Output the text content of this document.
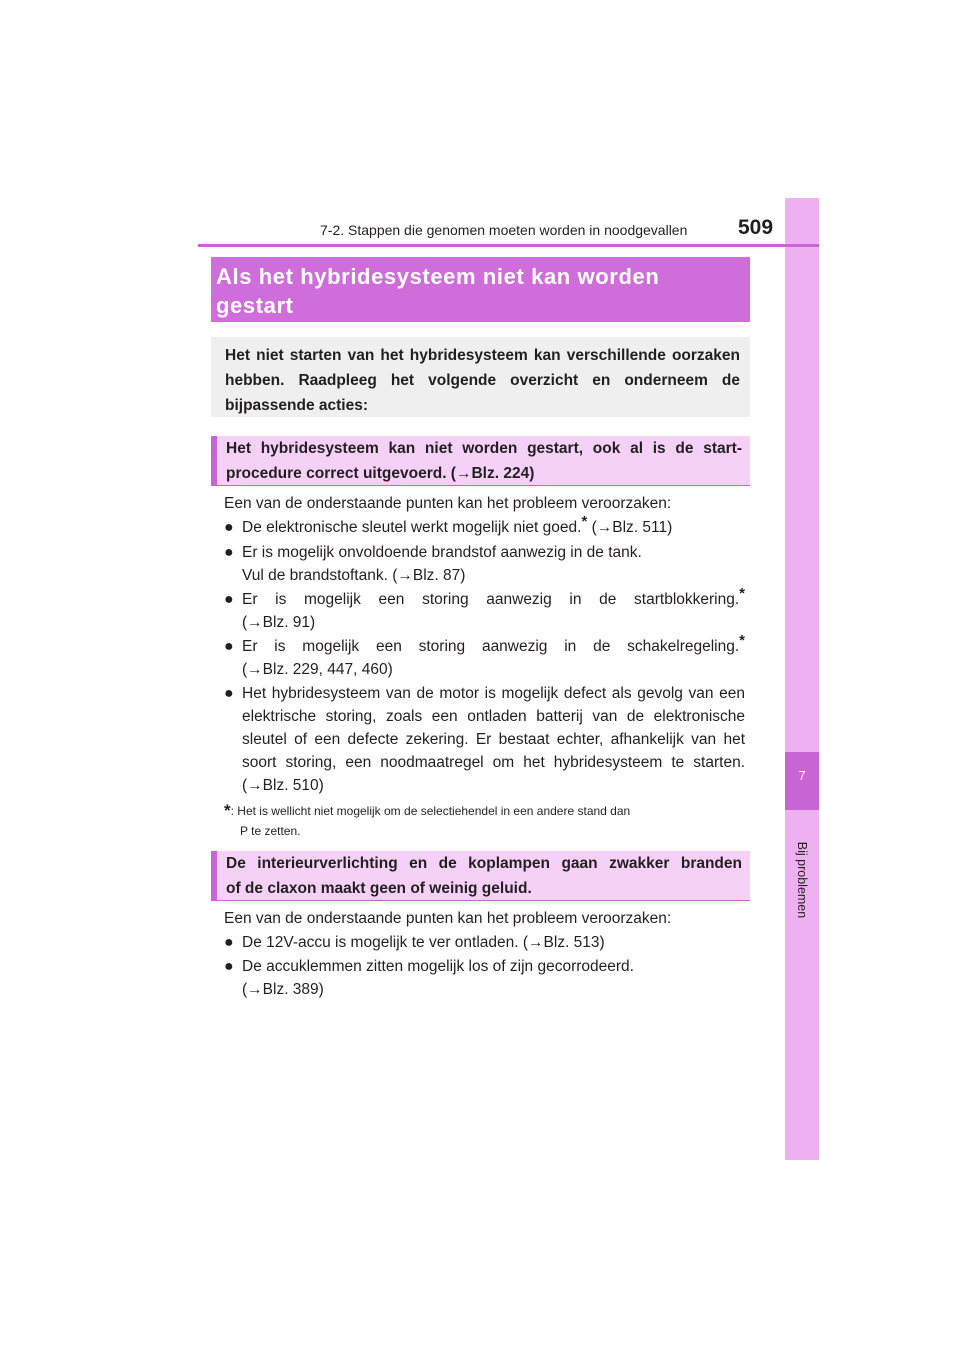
7
Bij problemen
7-2. Stappen die genomen moeten worden in noodgevallen 509
Als het hybridesysteem niet kan worden
gestart
Het niet starten van het hybridesysteem kan verschillende oorzaken hebben. Raadpleeg het volgende overzicht en onderneem de bijpassende acties:
Het hybridesysteem kan niet worden gestart, ook al is de start-
procedure correct uitgevoerd. (→Blz. 224)
Een van de onderstaande punten kan het probleem veroorzaken:
● De elektronische sleutel werkt mogelijk niet goed.* (→Blz. 511)
● Er is mogelijk onvoldoende brandstof aanwezig in de tank.
Vul de brandstoftank. (→Blz. 87)
● Er is mogelijk een storing aanwezig in de startblokkering.*
(→Blz. 91)
● Er is mogelijk een storing aanwezig in de schakelregeling.*
(→Blz. 229, 447, 460)
● Het hybridesysteem van de motor is mogelijk defect als gevolg van een elektrische storing, zoals een ontladen batterij van de elektronische sleutel of een defecte zekering. Er bestaat echter, afhankelijk van het soort storing, een noodmaatregel om het hybridesysteem te starten. (→Blz. 510)
*: Het is wellicht niet mogelijk om de selectiehendel in een andere stand dan
P te zetten.
De interieurverlichting en de koplampen gaan zwakker branden
of de claxon maakt geen of weinig geluid.
Een van de onderstaande punten kan het probleem veroorzaken:
● De 12V-accu is mogelijk te ver ontladen. (→Blz. 513)
● De accuklemmen zitten mogelijk los of zijn gecorrodeerd.
(→Blz. 389)
